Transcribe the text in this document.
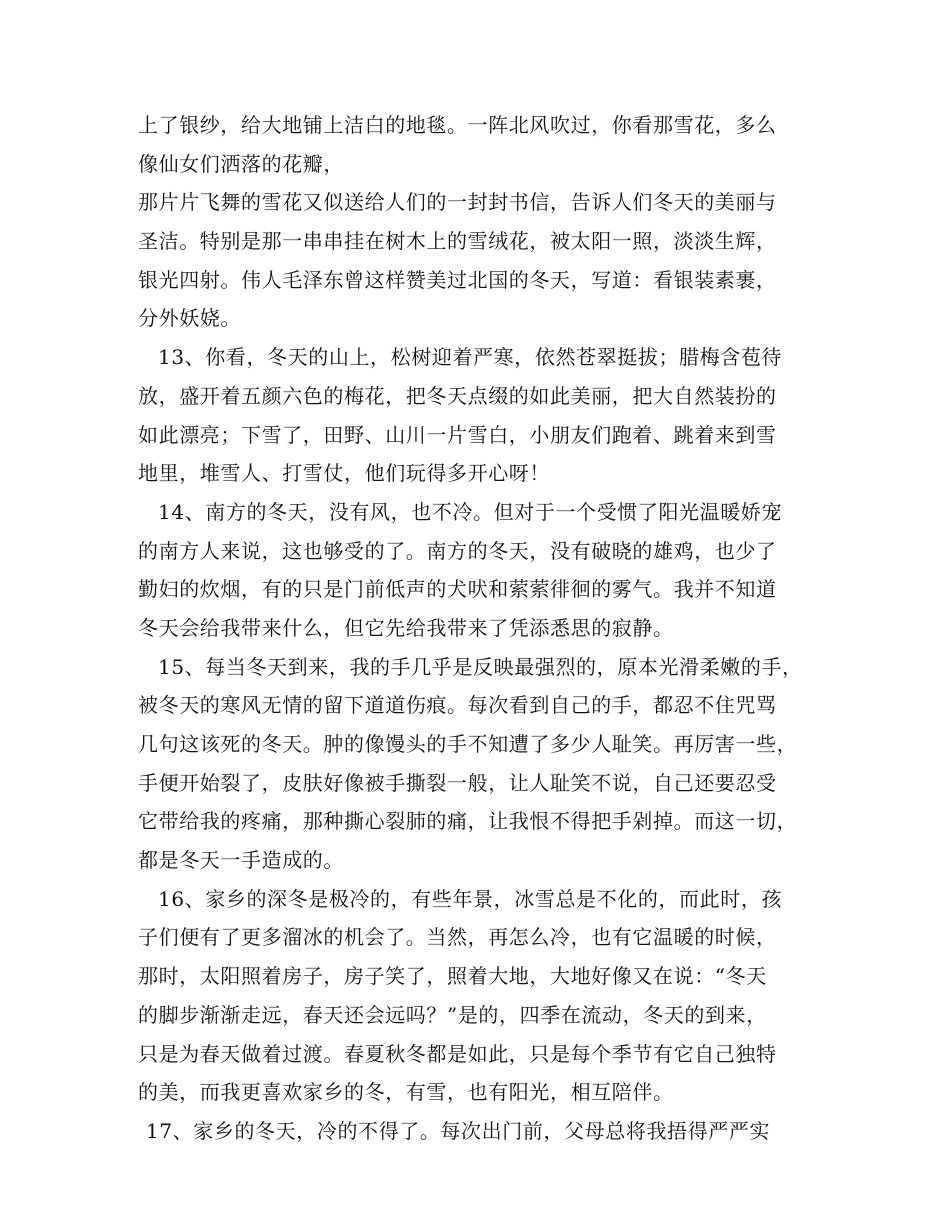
上了银纱，给大地铺上洁白的地毯。一阵北风吹过，你看那雪花，多么
像仙女们洒落的花瓣，
那片片飞舞的雪花又似送给人们的一封封书信，告诉人们冬天的美丽与
圣洁。特别是那一串串挂在树木上的雪绒花，被太阳一照，淡淡生辉，
银光四射。伟人毛泽东曾这样赞美过北国的冬天，写道：看银装素裹，
分外妖娆。
13、你看，冬天的山上，松树迎着严寒，依然苍翠挺拔；腊梅含苞待
放，盛开着五颜六色的梅花，把冬天点缀的如此美丽，把大自然装扮的
如此漂亮；下雪了，田野、山川一片雪白，小朋友们跑着、跳着来到雪
地里，堆雪人、打雪仗，他们玩得多开心呀！
14、南方的冬天，没有风，也不冷。但对于一个受惯了阳光温暖娇宠
的南方人来说，这也够受的了。南方的冬天，没有破晓的雄鸡，也少了
勤妇的炊烟，有的只是门前低声的犬吠和萦萦徘徊的雾气。我并不知道
冬天会给我带来什么，但它先给我带来了凭添悉思的寂静。
15、每当冬天到来，我的手几乎是反映最强烈的，原本光滑柔嫩的手，
被冬天的寒风无情的留下道道伤痕。每次看到自己的手，都忍不住咒骂
几句这该死的冬天。肿的像馒头的手不知遭了多少人耻笑。再厉害一些，
手便开始裂了，皮肤好像被手撕裂一般，让人耻笑不说，自己还要忍受
它带给我的疼痛，那种撕心裂肺的痛，让我恨不得把手剁掉。而这一切，
都是冬天一手造成的。
16、家乡的深冬是极冷的，有些年景，冰雪总是不化的，而此时，孩
子们便有了更多溜冰的机会了。当然，再怎么冷，也有它温暖的时候，
那时，太阳照着房子，房子笑了，照着大地，大地好像又在说：“冬天
的脚步渐渐走远，春天还会远吗？”是的，四季在流动，冬天的到来，
只是为春天做着过渡。春夏秋冬都是如此，只是每个季节有它自己独特
的美，而我更喜欢家乡的冬，有雪，也有阳光，相互陪伴。
17、家乡的冬天，冷的不得了。每次出门前，父母总将我捂得严严实
